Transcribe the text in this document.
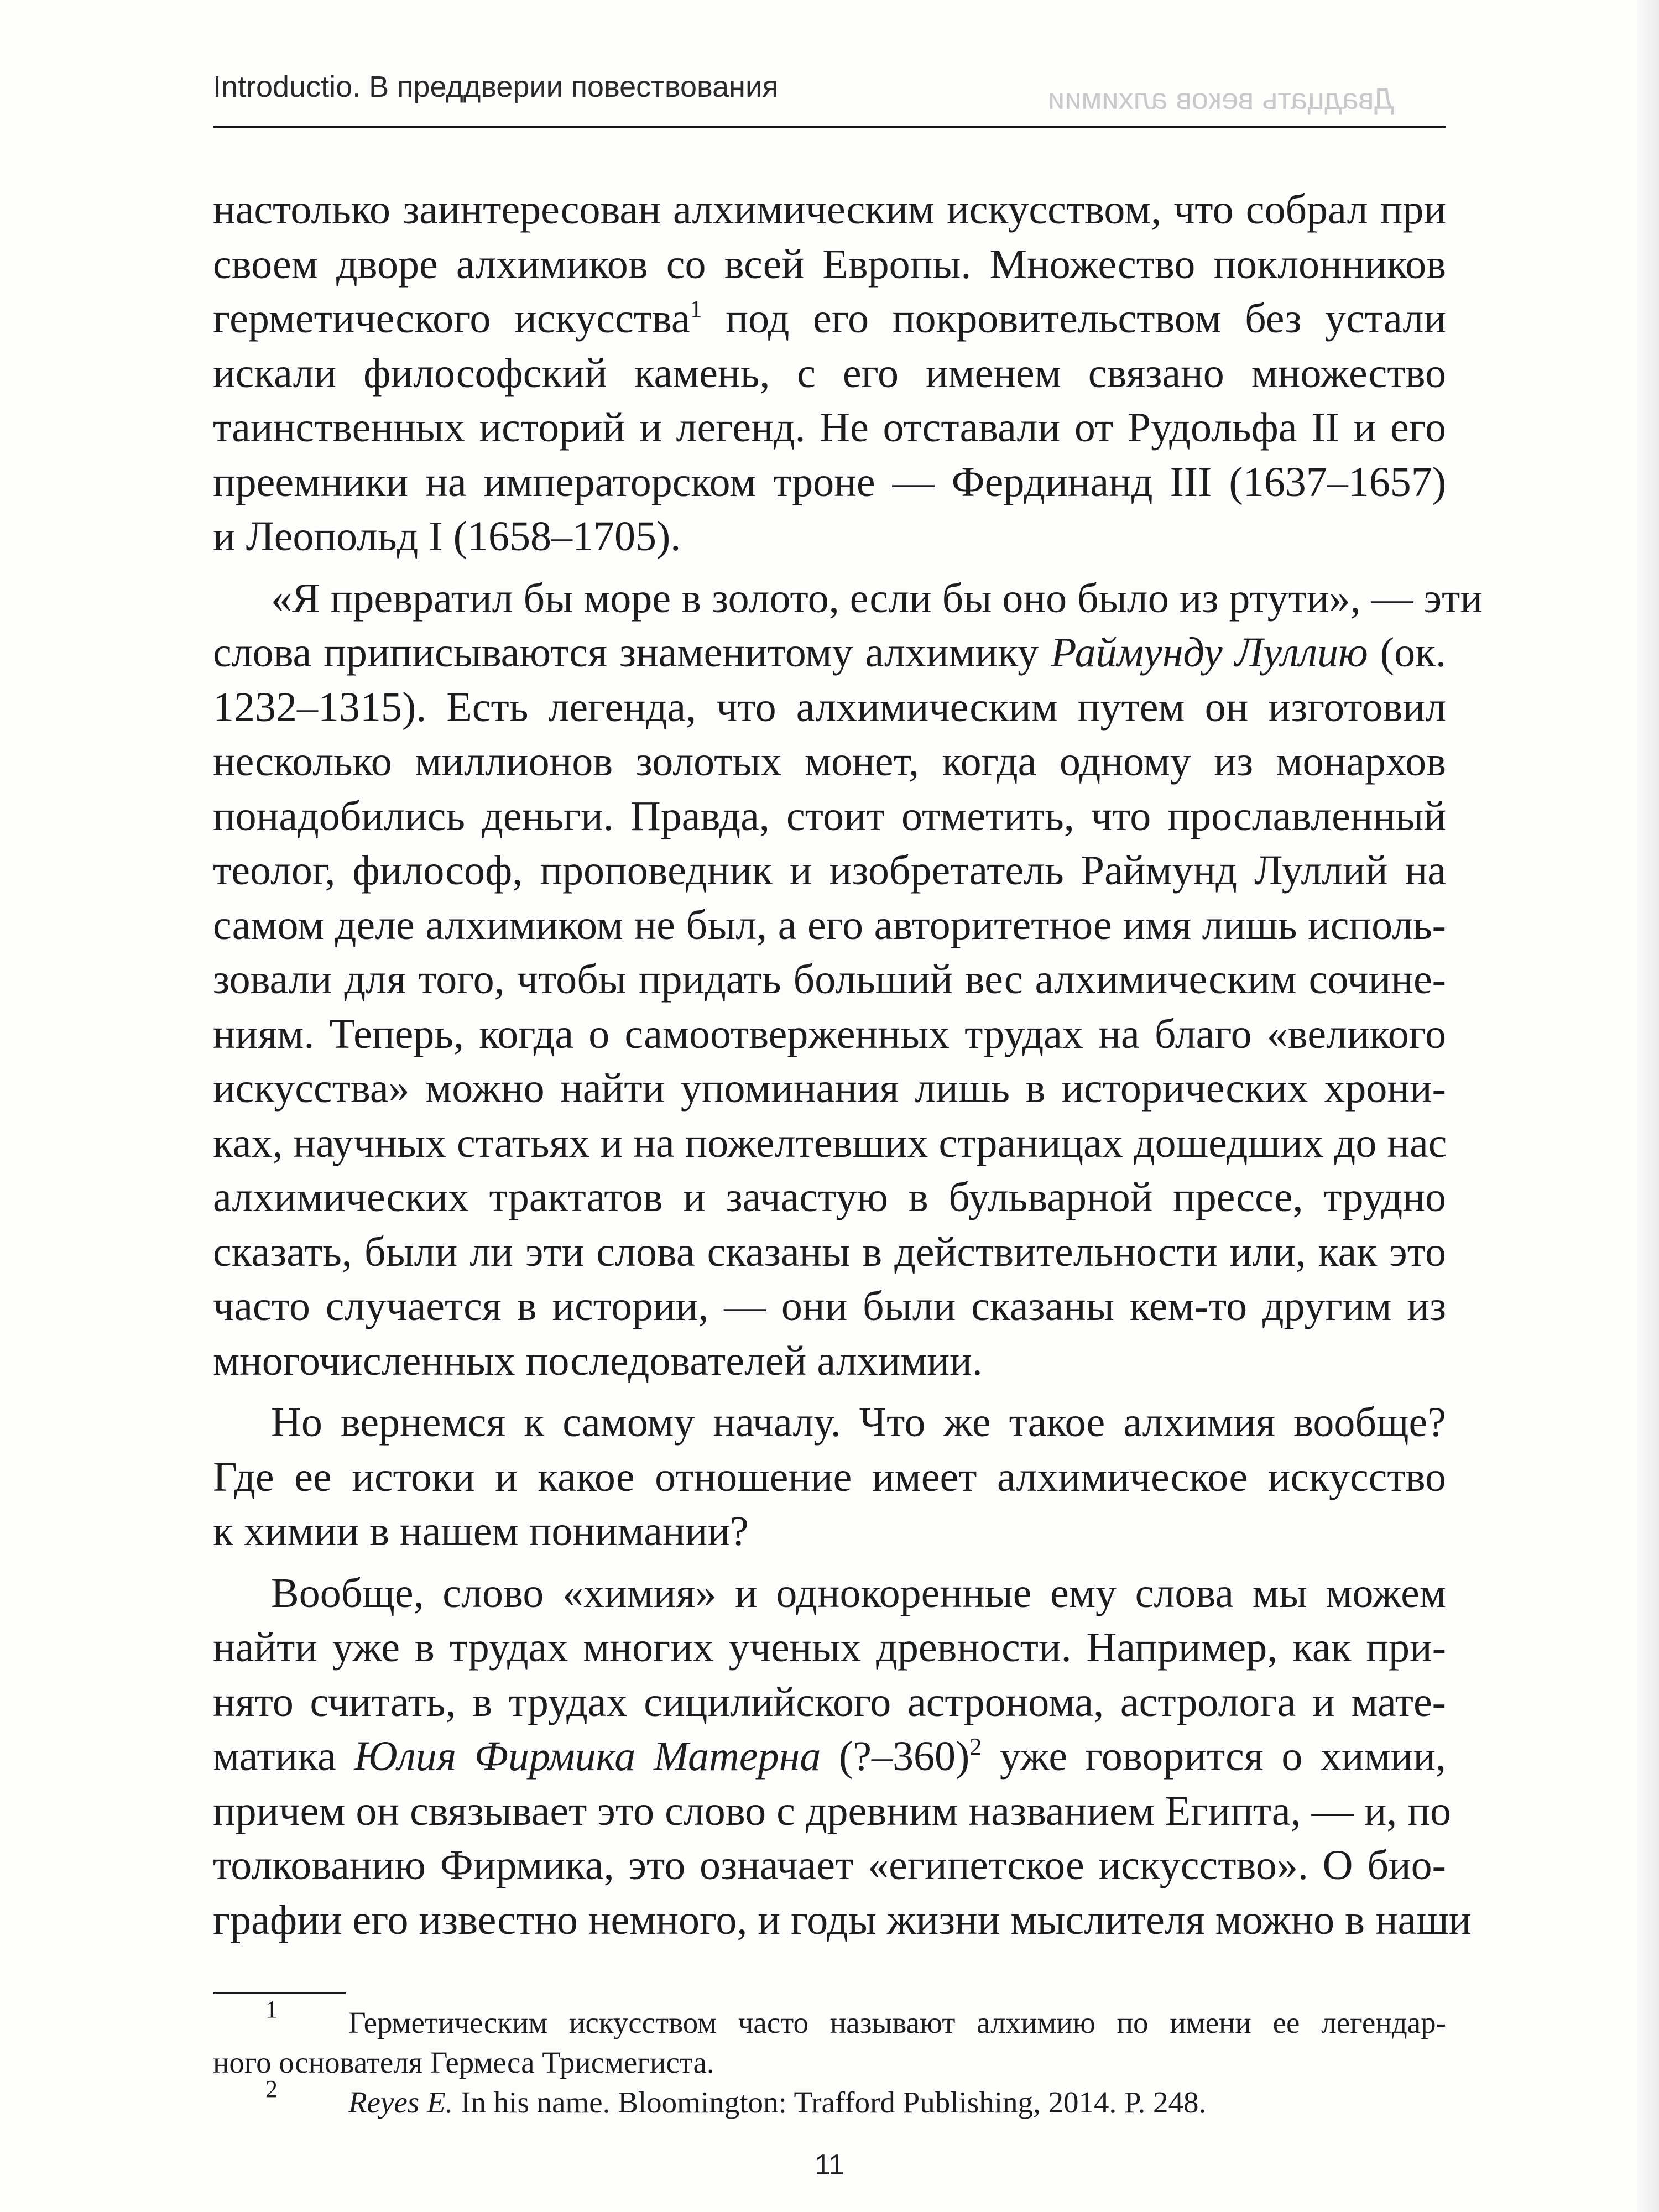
Introductio. В преддверии повествования	Двадцать веков алхимии
настолько заинтересован алхимическим искусством, что собрал при
своем дворе алхимиков со всей Европы. Множество поклонников
герметического искусства$^1$ под его покровительством без устали
искали философский камень, с его именем связано множество
таинственных историй и легенд. Не отставали от Рудольфа II и его
преемники на императорском троне — Фердинанд III (1637–1657)
и Леопольд I (1658–1705).
«Я превратил бы море в золото, если бы оно было из ртути», — эти
слова приписываются знаменитому алхимику Раймунду Луллию (ок.
1232–1315). Есть легенда, что алхимическим путем он изготовил
несколько миллионов золотых монет, когда одному из монархов
понадобились деньги. Правда, стоит отметить, что прославленный
теолог, философ, проповедник и изобретатель Раймунд Луллий на
самом деле алхимиком не был, а его авторитетное имя лишь исполь-
зовали для того, чтобы придать больший вес алхимическим сочине-
ниям. Теперь, когда о самоотверженных трудах на благо «великого
искусства» можно найти упоминания лишь в исторических хрони-
ках, научных статьях и на пожелтевших страницах дошедших до нас
алхимических трактатов и зачастую в бульварной прессе, трудно
сказать, были ли эти слова сказаны в действительности или, как это
часто случается в истории, — они были сказаны кем-то другим из
многочисленных последователей алхимии.
Но вернемся к самому началу. Что же такое алхимия вообще?
Где ее истоки и какое отношение имеет алхимическое искусство
к химии в нашем понимании?
Вообще, слово «химия» и однокоренные ему слова мы можем
найти уже в трудах многих ученых древности. Например, как при-
нято считать, в трудах сицилийского астронома, астролога и мате-
матика Юлия Фирмика Матерна (?–360)$^2$ уже говорится о химии,
причем он связывает это слово с древним названием Египта, — и, по
толкованию Фирмика, это означает «египетское искусство». О био-
графии его известно немного, и годы жизни мыслителя можно в наши
$^1$ Герметическим искусством часто называют алхимию по имени ее легендар-
ного основателя Гермеса Трисмегиста.
$^2$ Reyes E. In his name. Bloomington: Trafford Publishing, 2014. P. 248.
11
